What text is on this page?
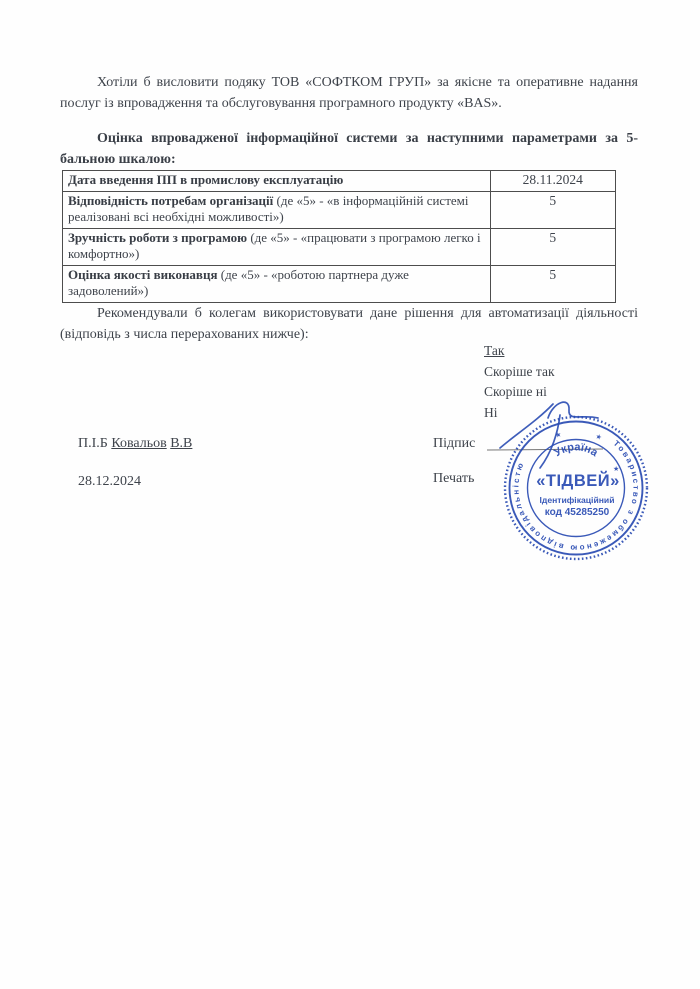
Хотіли б висловити подяку ТОВ «СОФТКОМ ГРУП» за якісне та оперативне надання послуг із впровадження та обслуговування програмного продукту «BAS».
Оцінка впровадженої інформаційної системи за наступними параметрами за 5-бальною шкалою:
Дата введення ПП в промислову експлуатацію	28.11.2024
Відповідність потребам організації (де «5» - «в інформаційній системі реалізовані всі необхідні можливості»)	5
Зручність роботи з програмою (де «5» - «працювати з програмою легко і комфортно»)	5
Оцінка якості виконавця (де «5» - «роботою партнера дуже задоволений»)	5
Рекомендували б колегам використовувати дане рішення для автоматизації діяльності (відповідь з числа перерахованих нижче):
Так
Скоріше так
Скоріше ні
Ні
П.І.Б Ковальов В.В
28.12.2024
Підпис
Печать
Товариство з обмеженою відповідальністю
★	★
Україна
★
«ТІДВЕЙ»
Ідентифікаційний
код 45285250
